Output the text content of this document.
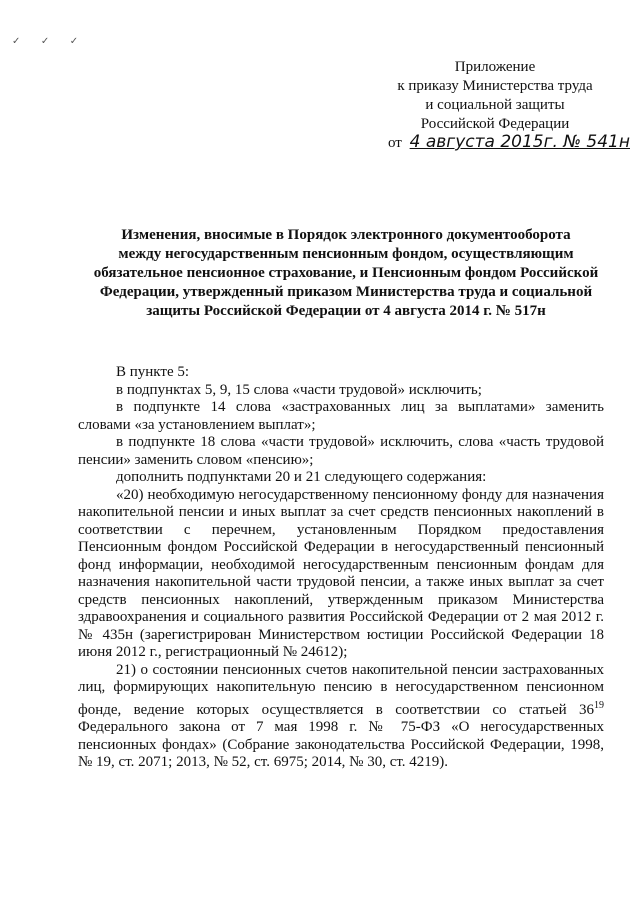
✓ ✓ ✓
Приложение
к приказу Министерства труда
и социальной защиты
Российской Федерации
от 4 августа 2015г. № 541н
Изменения, вносимые в Порядок электронного документооборота
между негосударственным пенсионным фондом, осуществляющим
обязательное пенсионное страхование, и Пенсионным фондом Российской
Федерации, утвержденный приказом Министерства труда и социальной
защиты Российской Федерации от 4 августа 2014 г. № 517н

В пункте 5:

в подпунктах 5, 9, 15 слова «части трудовой» исключить;

в подпункте 14 слова «застрахованных лиц за выплатами» заменить словами «за установлением выплат»;

в подпункте 18 слова «части трудовой» исключить, слова «часть трудовой пенсии» заменить словом «пенсию»;

дополнить подпунктами 20 и 21 следующего содержания:

«20) необходимую негосударственному пенсионному фонду для назначения накопительной пенсии и иных выплат за счет средств пенсионных накоплений в соответствии с перечнем, установленным Порядком предоставления Пенсионным фондом Российской Федерации в негосударственный пенсионный фонд информации, необходимой негосударственным пенсионным фондам для назначения накопительной части трудовой пенсии, а также иных выплат за счет средств пенсионных накоплений, утвержденным приказом Министерства здравоохранения и социального развития Российской Федерации от 2 мая 2012 г. № 435н (зарегистрирован Министерством юстиции Российской Федерации 18 июня 2012 г., регистрационный № 24612);

21) о состоянии пенсионных счетов накопительной пенсии застрахованных лиц, формирующих накопительную пенсию в негосударственном пенсионном фонде, ведение которых осуществляется в соответствии со статьей $36^{19}$ Федерального закона от 7 мая 1998 г. № 75-ФЗ «О негосударственных пенсионных фондах» (Собрание законодательства Российской Федерации, 1998, № 19, ст. 2071; 2013, № 52, ст. 6975; 2014, № 30, ст. 4219).
